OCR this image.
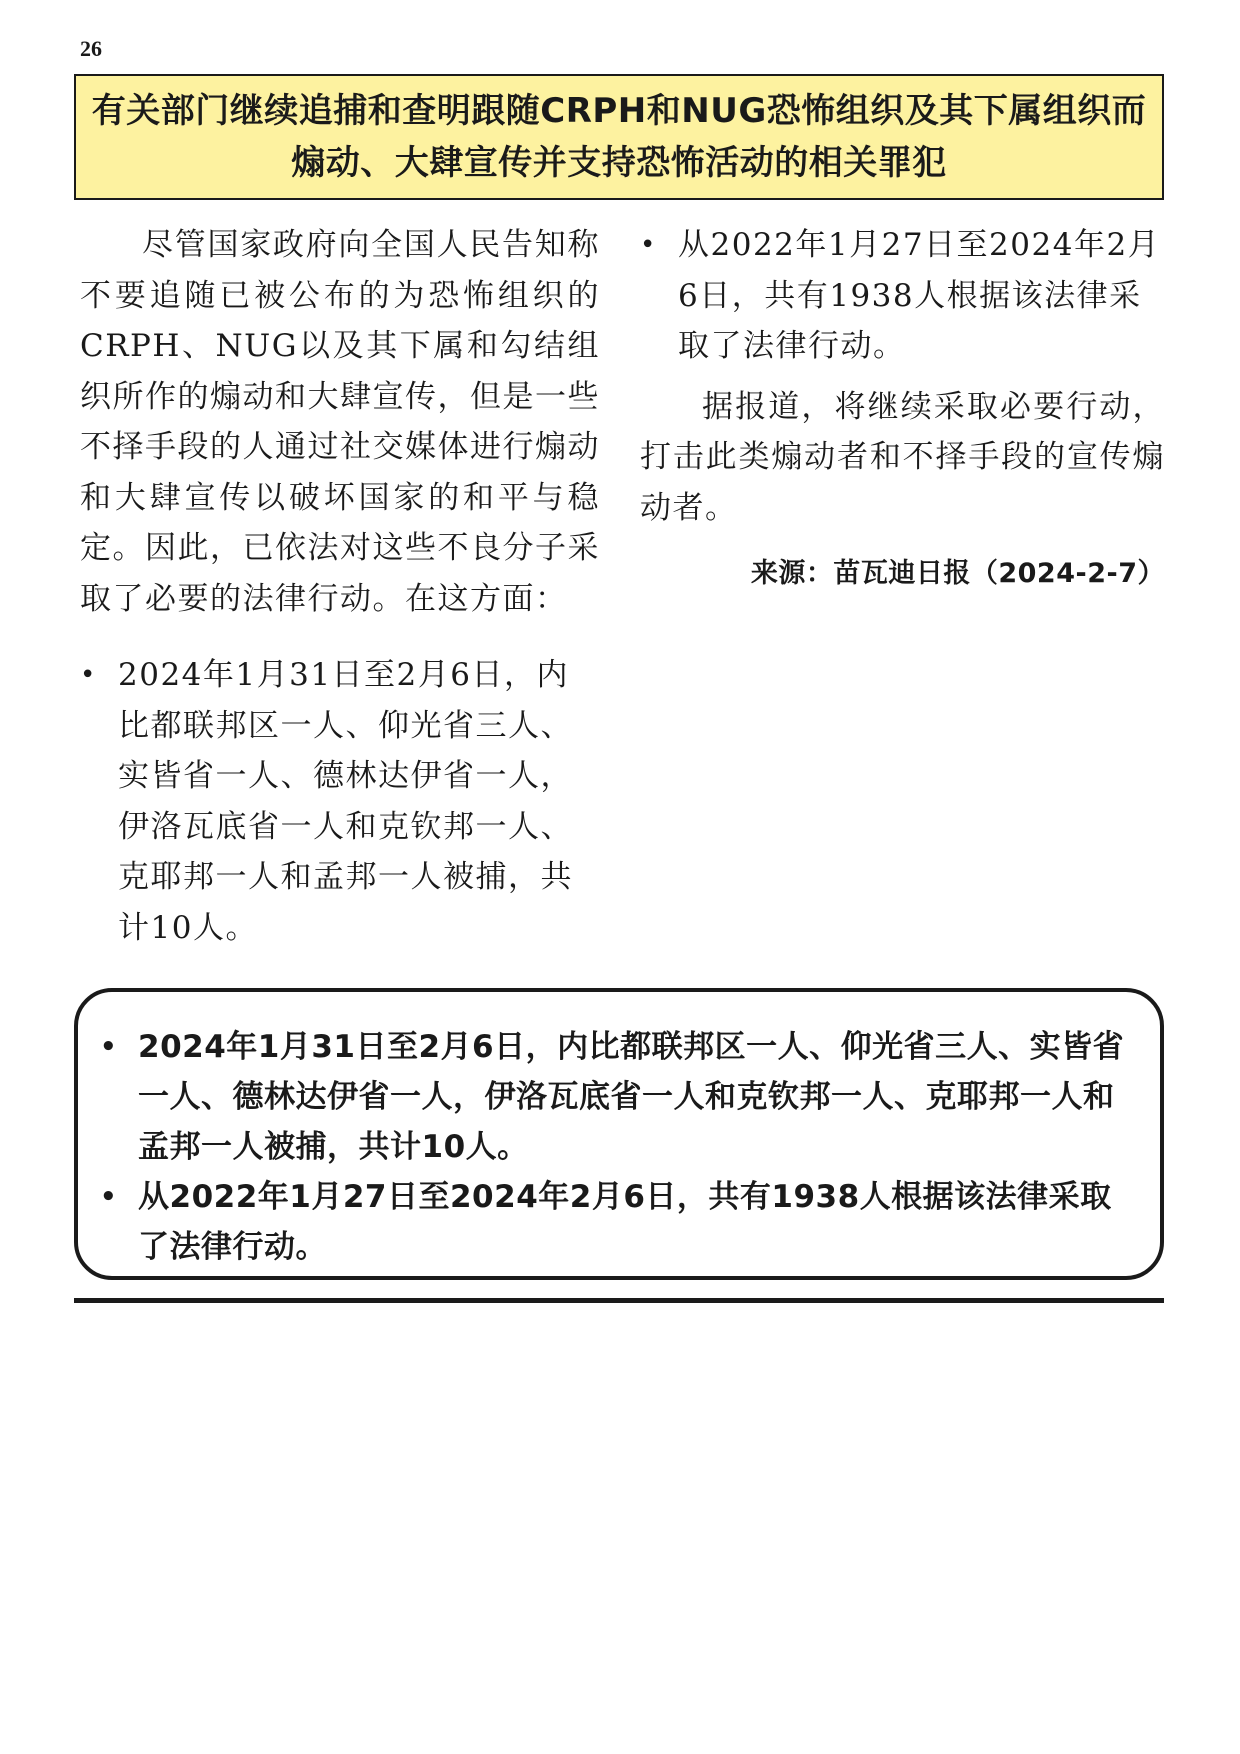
26
有关部门继续追捕和查明跟随CRPH和NUG恐怖组织及其下属组织而
煽动、大肆宣传并支持恐怖活动的相关罪犯

尽管国家政府向全国人民告知称不要追随已被公布的为恐怖组织的CRPH、NUG以及其下属和勾结组织所作的煽动和大肆宣传，但是一些不择手段的人通过社交媒体进行煽动和大肆宣传以破坏国家的和平与稳定。因此，已依法对这些不良分子采取了必要的法律行动。在这方面：

• 2024年1月31日至2月6日，内比都联邦区一人、仰光省三人、实皆省一人、德林达伊省一人，伊洛瓦底省一人和克钦邦一人、克耶邦一人和孟邦一人被捕，共计10人。
• 从2022年1月27日至2024年2月6日，共有1938人根据该法律采取了法律行动。

据报道，将继续采取必要行动，打击此类煽动者和不择手段的宣传煽动者。

来源：苗瓦迪日报（2024-2-7）
• 2024年1月31日至2月6日，内比都联邦区一人、仰光省三人、实皆省一人、德林达伊省一人，伊洛瓦底省一人和克钦邦一人、克耶邦一人和孟邦一人被捕，共计10人。
• 从2022年1月27日至2024年2月6日，共有1938人根据该法律采取了法律行动。
